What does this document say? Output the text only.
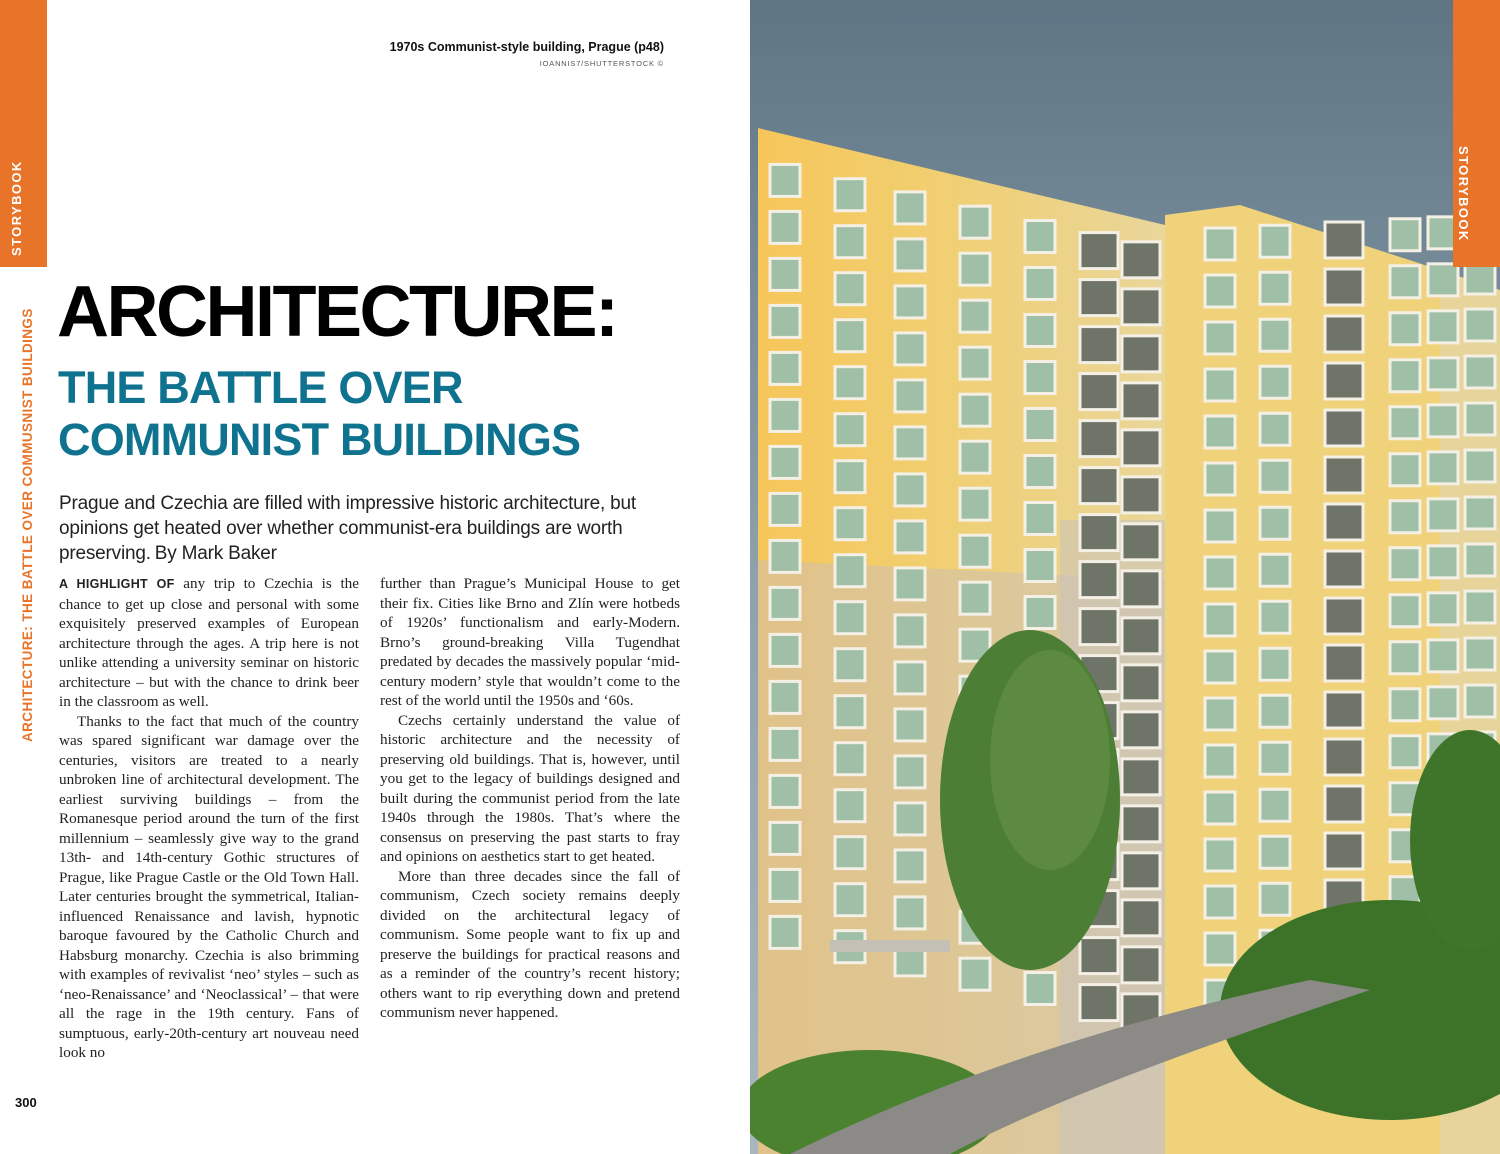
STORYBOOK
ARCHITECTURE: THE BATTLE OVER COMMUSNIST BUILDINGS
1970s Communist-style building, Prague (p48)
IOANNIS7/SHUTTERSTOCK ©
ARCHITECTURE:
THE BATTLE OVER
COMMUNIST BUILDINGS

Prague and Czechia are filled with impressive historic architecture, but opinions get heated over whether communist-era buildings are worth preserving. By Mark Baker

A HIGHLIGHT OF any trip to Czechia is the chance to get up close and personal with some exquisitely preserved examples of European architecture through the ages. A trip here is not unlike attending a university seminar on historic architecture – but with the chance to drink beer in the classroom as well.

Thanks to the fact that much of the country was spared significant war damage over the centuries, visitors are treated to a nearly unbroken line of architectural development. The earliest surviving buildings – from the Romanesque period around the turn of the first millennium – seamlessly give way to the grand 13th- and 14th-century Gothic structures of Prague, like Prague Castle or the Old Town Hall. Later centuries brought the symmetrical, Italian-influenced Renaissance and lavish, hypnotic baroque favoured by the Catholic Church and Habsburg monarchy. Czechia is also brimming with examples of revivalist ‘neo’ styles – such as ‘neo-Renaissance’ and ‘Neoclassical’ – that were all the rage in the 19th century. Fans of sumptuous, early-20th-century art nouveau need look no

further than Prague’s Municipal House to get their fix. Cities like Brno and Zlín were hotbeds of 1920s’ functionalism and early-Modern. Brno’s ground-breaking Villa Tugendhat predated by decades the massively popular ‘mid-century modern’ style that wouldn’t come to the rest of the world until the 1950s and ‘60s.

Czechs certainly understand the value of historic architecture and the necessity of preserving old buildings. That is, however, until you get to the legacy of buildings designed and built during the communist period from the late 1940s through the 1980s. That’s where the consensus on preserving the past starts to fray and opinions on aesthetics start to get heated.

More than three decades since the fall of communism, Czech society remains deeply divided on the architectural legacy of communism. Some people want to fix up and preserve the buildings for practical reasons and as a reminder of the country’s recent history; others want to rip everything down and pretend communism never happened.

300
STORYBOOK
